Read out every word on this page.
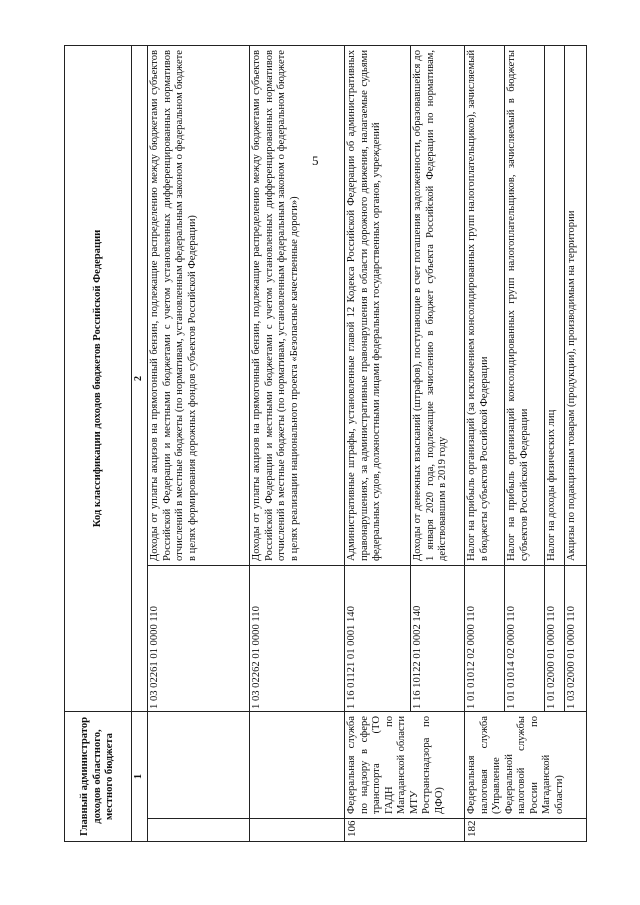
5
Главный администратор доходов областного, местного бюджета		Код классификации доходов бюджетов Российской Федерации	
1		2	
		1 03 02261 01 0000 110	Доходы от уплаты акцизов на прямогонный бензин, подлежащие распределению между бюджетами субъектов Российской Федерации и местными бюджетами с учетом установленных дифференцированных нормативов отчислений в местные бюджеты (по нормативам, установленным федеральным законом о федеральном бюджете в целях формирования дорожных фондов субъектов Российской Федерации)
		1 03 02262 01 0000 110	Доходы от уплаты акцизов на прямогонный бензин, подлежащие распределению между бюджетами субъектов Российской Федерации и местными бюджетами с учетом установленных дифференцированных нормативов отчислений в местные бюджеты (по нормативам, установленным федеральным законом о федеральном бюджете в целях реализации национального проекта «Безопасные качественные дороги»)
106	Федеральная служба по надзору в сфере транспорта (ТО ГАДН по Магаданской области МТУ Ространснадзора по ДФО)	1 16 01121 01 0001 140	Административные штрафы, установленные главой 12 Кодекса Российской Федерации об административных правонарушениях, за административные правонарушения в области дорожного движения, налагаемые судьями федеральных судов, должностными лицами федеральных государственных органов, учреждений
		1 16 10122 01 0002 140	Доходы от денежных взысканий (штрафов), поступающие в счет погашения задолженности, образовавшейся до 1 января 2020 года, подлежащие зачислению в бюджет субъекта Российской Федерации по нормативам, действовавшим в 2019 году
182	Федеральная налоговая служба (Управление Федеральной налоговой службы России по Магаданской области)	1 01 01012 02 0000 110	Налог на прибыль организаций (за исключением консолидированных групп налогоплательщиков), зачисляемый в бюджеты субъектов Российской Федерации
		1 01 01014 02 0000 110	Налог на прибыль организаций консолидированных групп налогоплательщиков, зачисляемый в бюджеты субъектов Российской Федерации
		1 01 02000 01 0000 110	Налог на доходы физических лиц
		1 03 02000 01 0000 110	Акцизы по подакцизным товарам (продукции), производимым на территории
